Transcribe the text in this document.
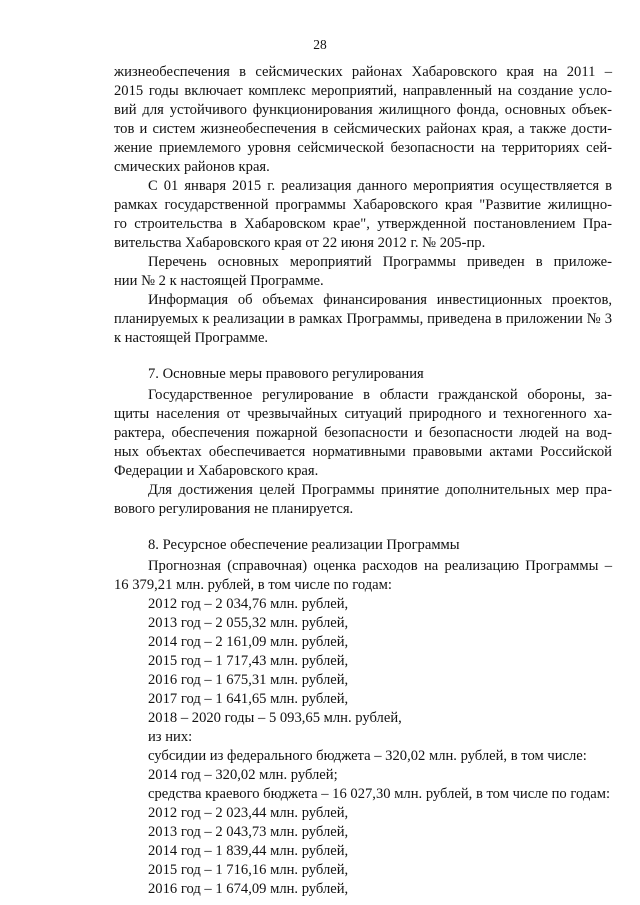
28
жизнеобеспечения в сейсмических районах Хабаровского края на 2011 –
2015 годы включает комплекс мероприятий, направленный на создание усло-
вий для устойчивого функционирования жилищного фонда, основных объек-
тов и систем жизнеобеспечения в сейсмических районах края, а также дости-
жение приемлемого уровня сейсмической безопасности на территориях сей-
смических районов края.
С 01 января 2015 г. реализация данного мероприятия осуществляется в
рамках государственной программы Хабаровского края "Развитие жилищно-
го строительства в Хабаровском крае", утвержденной постановлением Пра-
вительства Хабаровского края от 22 июня 2012 г. № 205-пр.
Перечень основных мероприятий Программы приведен в приложе-
нии № 2 к настоящей Программе.
Информация об объемах финансирования инвестиционных проектов,
планируемых к реализации в рамках Программы, приведена в приложении № 3
к настоящей Программе.
7. Основные меры правового регулирования
Государственное регулирование в области гражданской обороны, за-
щиты населения от чрезвычайных ситуаций природного и техногенного ха-
рактера, обеспечения пожарной безопасности и безопасности людей на вод-
ных объектах обеспечивается нормативными правовыми актами Российской
Федерации и Хабаровского края.
Для достижения целей Программы принятие дополнительных мер пра-
вового регулирования не планируется.
8. Ресурсное обеспечение реализации Программы
Прогнозная (справочная) оценка расходов на реализацию Программы –
16 379,21 млн. рублей, в том числе по годам:
2012 год – 2 034,76 млн. рублей,
2013 год – 2 055,32 млн. рублей,
2014 год – 2 161,09 млн. рублей,
2015 год – 1 717,43 млн. рублей,
2016 год – 1 675,31 млн. рублей,
2017 год – 1 641,65 млн. рублей,
2018 – 2020 годы – 5 093,65 млн. рублей,
из них:
субсидии из федерального бюджета – 320,02 млн. рублей, в том числе:
2014 год – 320,02 млн. рублей;
средства краевого бюджета – 16 027,30 млн. рублей, в том числе по годам:
2012 год – 2 023,44 млн. рублей,
2013 год – 2 043,73 млн. рублей,
2014 год – 1 839,44 млн. рублей,
2015 год – 1 716,16 млн. рублей,
2016 год – 1 674,09 млн. рублей,
